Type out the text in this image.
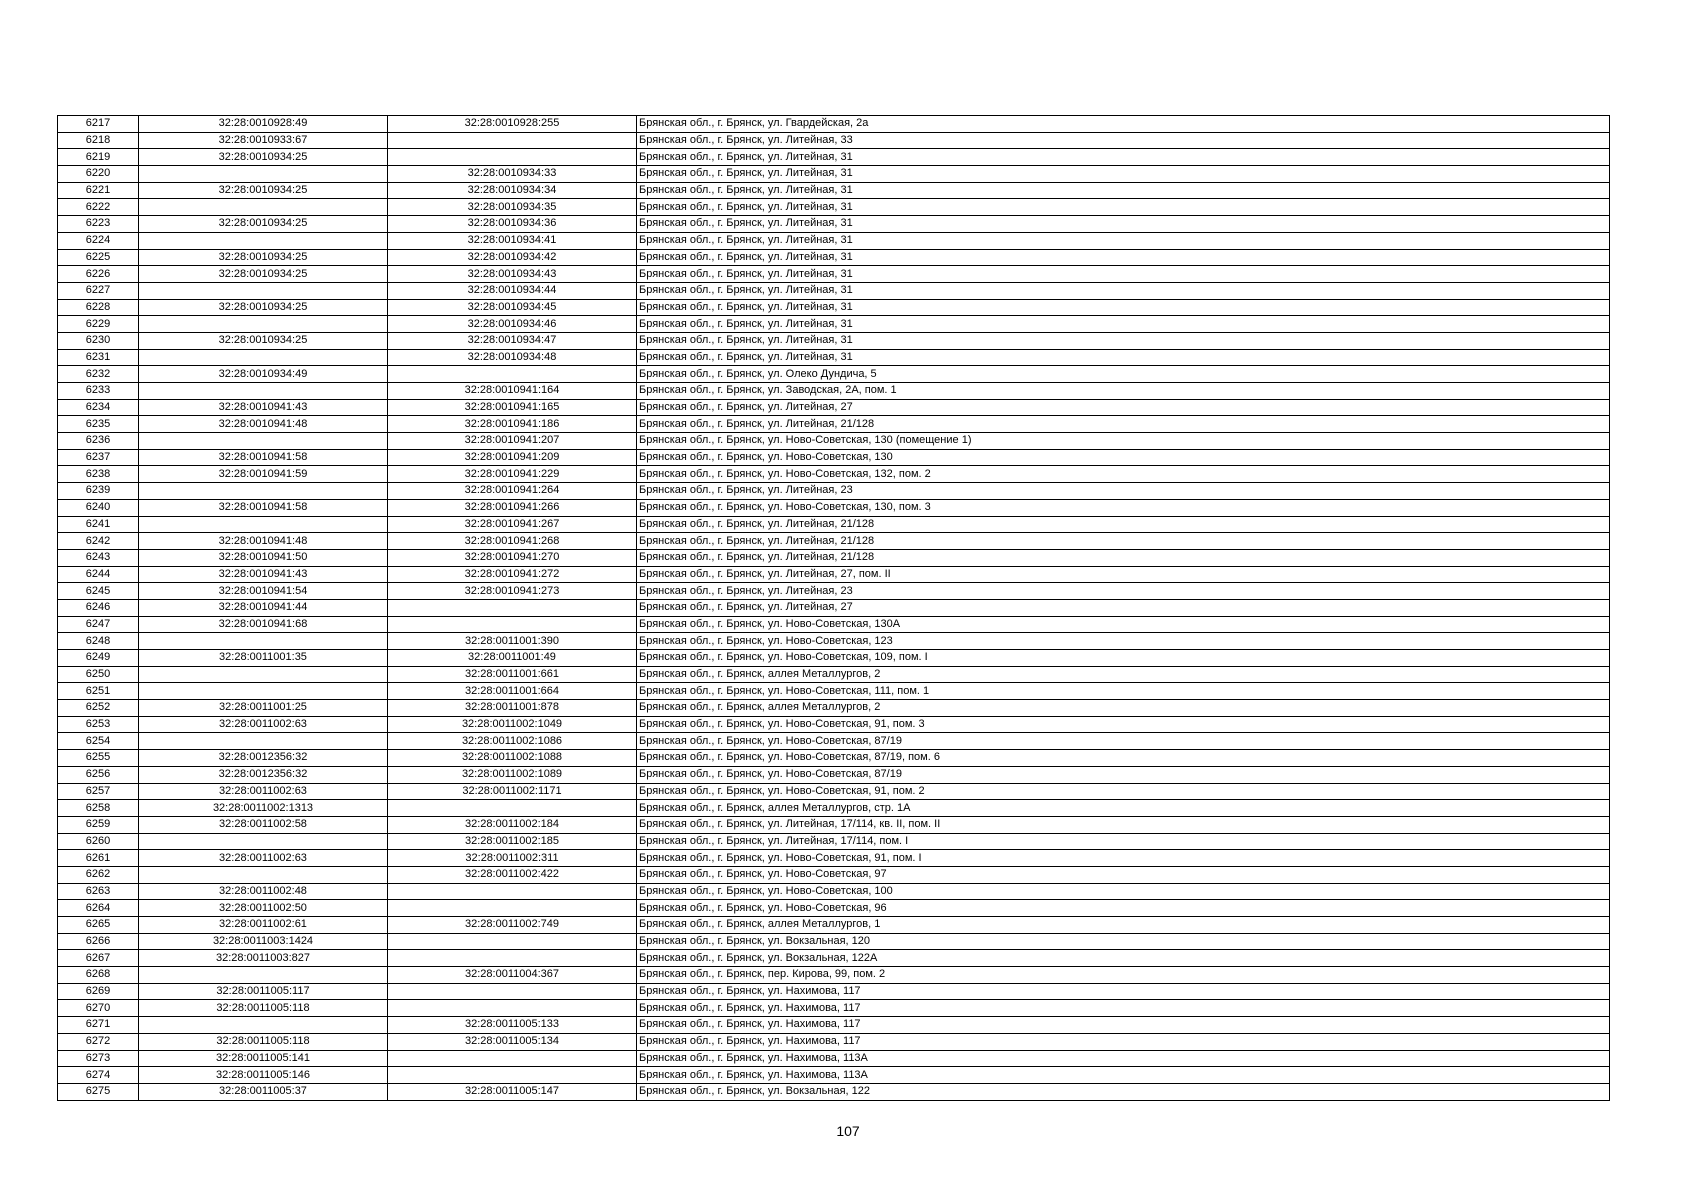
6217	32:28:0010928:49	32:28:0010928:255	Брянская обл., г. Брянск, ул. Гвардейская, 2а
6218	32:28:0010933:67		Брянская обл., г. Брянск, ул. Литейная, 33
6219	32:28:0010934:25		Брянская обл., г. Брянск, ул. Литейная, 31
6220		32:28:0010934:33	Брянская обл., г. Брянск, ул. Литейная, 31
6221	32:28:0010934:25	32:28:0010934:34	Брянская обл., г. Брянск, ул. Литейная, 31
6222		32:28:0010934:35	Брянская обл., г. Брянск, ул. Литейная, 31
6223	32:28:0010934:25	32:28:0010934:36	Брянская обл., г. Брянск, ул. Литейная, 31
6224		32:28:0010934:41	Брянская обл., г. Брянск, ул. Литейная, 31
6225	32:28:0010934:25	32:28:0010934:42	Брянская обл., г. Брянск, ул. Литейная, 31
6226	32:28:0010934:25	32:28:0010934:43	Брянская обл., г. Брянск, ул. Литейная, 31
6227		32:28:0010934:44	Брянская обл., г. Брянск, ул. Литейная, 31
6228	32:28:0010934:25	32:28:0010934:45	Брянская обл., г. Брянск, ул. Литейная, 31
6229		32:28:0010934:46	Брянская обл., г. Брянск, ул. Литейная, 31
6230	32:28:0010934:25	32:28:0010934:47	Брянская обл., г. Брянск, ул. Литейная, 31
6231		32:28:0010934:48	Брянская обл., г. Брянск, ул. Литейная, 31
6232	32:28:0010934:49		Брянская обл., г. Брянск, ул. Олеко Дундича, 5
6233		32:28:0010941:164	Брянская обл., г. Брянск, ул. Заводская, 2А, пом. 1
6234	32:28:0010941:43	32:28:0010941:165	Брянская обл., г. Брянск, ул. Литейная, 27
6235	32:28:0010941:48	32:28:0010941:186	Брянская обл., г. Брянск, ул. Литейная, 21/128
6236		32:28:0010941:207	Брянская обл., г. Брянск, ул. Ново-Советская, 130 (помещение 1)
6237	32:28:0010941:58	32:28:0010941:209	Брянская обл., г. Брянск, ул. Ново-Советская, 130
6238	32:28:0010941:59	32:28:0010941:229	Брянская обл., г. Брянск, ул. Ново-Советская, 132, пом. 2
6239		32:28:0010941:264	Брянская обл., г. Брянск, ул. Литейная, 23
6240	32:28:0010941:58	32:28:0010941:266	Брянская обл., г. Брянск, ул. Ново-Советская, 130, пом. 3
6241		32:28:0010941:267	Брянская обл., г. Брянск, ул. Литейная, 21/128
6242	32:28:0010941:48	32:28:0010941:268	Брянская обл., г. Брянск, ул. Литейная, 21/128
6243	32:28:0010941:50	32:28:0010941:270	Брянская обл., г. Брянск, ул. Литейная, 21/128
6244	32:28:0010941:43	32:28:0010941:272	Брянская обл., г. Брянск, ул. Литейная, 27, пом. II
6245	32:28:0010941:54	32:28:0010941:273	Брянская обл., г. Брянск, ул. Литейная, 23
6246	32:28:0010941:44		Брянская обл., г. Брянск, ул. Литейная, 27
6247	32:28:0010941:68		Брянская обл., г. Брянск, ул. Ново-Советская, 130А
6248		32:28:0011001:390	Брянская обл., г. Брянск, ул. Ново-Советская, 123
6249	32:28:0011001:35	32:28:0011001:49	Брянская обл., г. Брянск, ул. Ново-Советская, 109, пом. I
6250		32:28:0011001:661	Брянская обл., г. Брянск, аллея Металлургов, 2
6251		32:28:0011001:664	Брянская обл., г. Брянск, ул. Ново-Советская, 111, пом. 1
6252	32:28:0011001:25	32:28:0011001:878	Брянская обл., г. Брянск, аллея Металлургов, 2
6253	32:28:0011002:63	32:28:0011002:1049	Брянская обл., г. Брянск, ул. Ново-Советская, 91, пом. 3
6254		32:28:0011002:1086	Брянская обл., г. Брянск, ул. Ново-Советская, 87/19
6255	32:28:0012356:32	32:28:0011002:1088	Брянская обл., г. Брянск, ул. Ново-Советская, 87/19, пом. 6
6256	32:28:0012356:32	32:28:0011002:1089	Брянская обл., г. Брянск, ул. Ново-Советская, 87/19
6257	32:28:0011002:63	32:28:0011002:1171	Брянская обл., г. Брянск, ул. Ново-Советская, 91, пом. 2
6258	32:28:0011002:1313		Брянская обл., г. Брянск, аллея Металлургов, стр. 1А
6259	32:28:0011002:58	32:28:0011002:184	Брянская обл., г. Брянск, ул. Литейная, 17/114, кв. II, пом. II
6260		32:28:0011002:185	Брянская обл., г. Брянск, ул. Литейная, 17/114, пом. I
6261	32:28:0011002:63	32:28:0011002:311	Брянская обл., г. Брянск, ул. Ново-Советская, 91, пом. I
6262		32:28:0011002:422	Брянская обл., г. Брянск, ул. Ново-Советская, 97
6263	32:28:0011002:48		Брянская обл., г. Брянск, ул. Ново-Советская, 100
6264	32:28:0011002:50		Брянская обл., г. Брянск, ул. Ново-Советская, 96
6265	32:28:0011002:61	32:28:0011002:749	Брянская обл., г. Брянск, аллея Металлургов, 1
6266	32:28:0011003:1424		Брянская обл., г. Брянск, ул. Вокзальная, 120
6267	32:28:0011003:827		Брянская обл., г. Брянск, ул. Вокзальная, 122А
6268		32:28:0011004:367	Брянская обл., г. Брянск, пер. Кирова, 99, пом. 2
6269	32:28:0011005:117		Брянская обл., г. Брянск, ул. Нахимова, 117
6270	32:28:0011005:118		Брянская обл., г. Брянск, ул. Нахимова, 117
6271		32:28:0011005:133	Брянская обл., г. Брянск, ул. Нахимова, 117
6272	32:28:0011005:118	32:28:0011005:134	Брянская обл., г. Брянск, ул. Нахимова, 117
6273	32:28:0011005:141		Брянская обл., г. Брянск, ул. Нахимова, 113А
6274	32:28:0011005:146		Брянская обл., г. Брянск, ул. Нахимова, 113А
6275	32:28:0011005:37	32:28:0011005:147	Брянская обл., г. Брянск, ул. Вокзальная, 122
107
